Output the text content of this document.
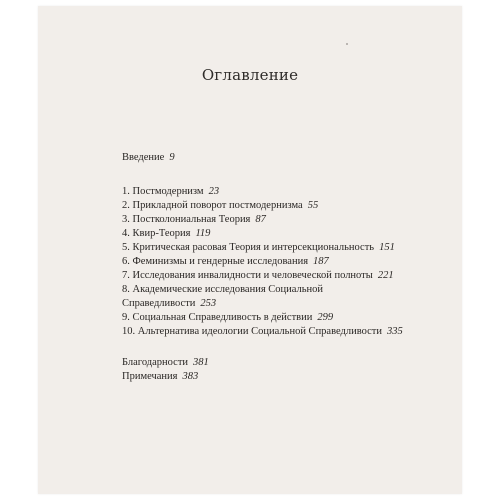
Оглавление
Введение 9
1. Постмодернизм 23
2. Прикладной поворот постмодернизма 55
3. Постколониальная Теория 87
4. Квир-Теория 119
5. Критическая расовая Теория и интерсекциональность 151
6. Феминизмы и гендерные исследования 187
7. Исследования инвалидности и человеческой полноты 221
8. Академические исследования Социальной
Справедливости 253
9. Социальная Справедливость в действии 299
10. Альтернатива идеологии Социальной Справедливости 335
Благодарности 381
Примечания 383
